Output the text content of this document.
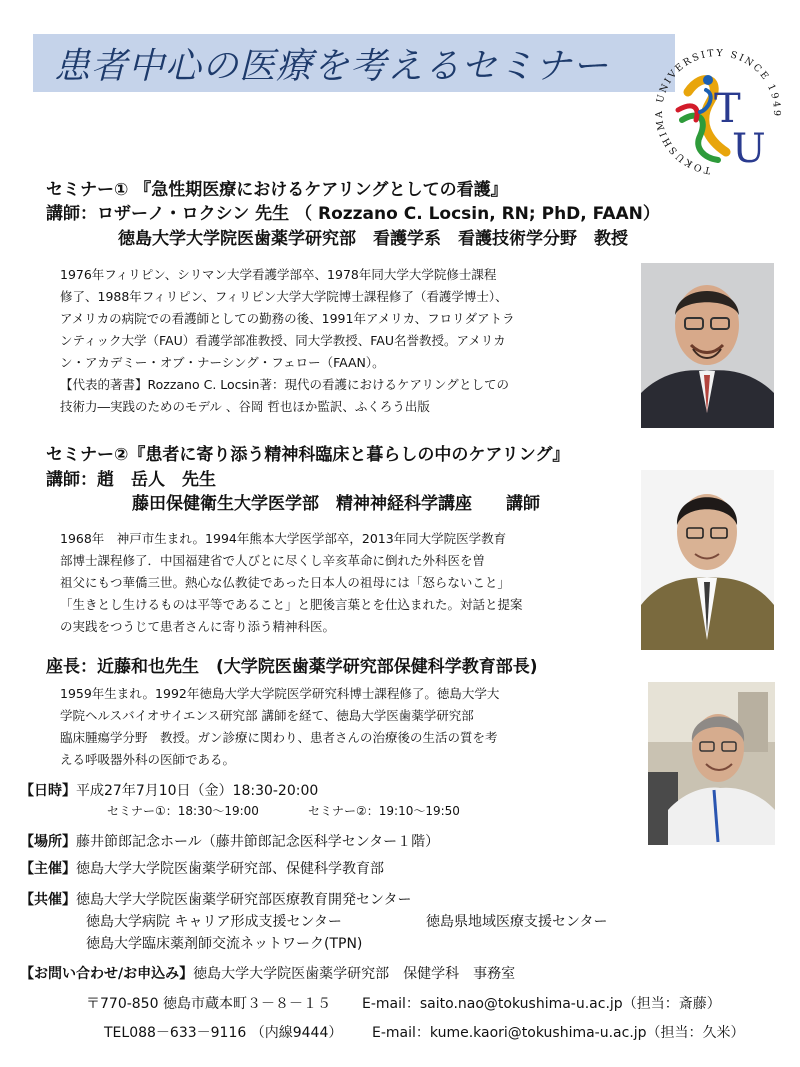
患者中心の医療を考えるセミナー
TOKUSHIMA UNIVERSITY SINCE 1949
T
U
セミナー① 『急性期医療におけるケアリングとしての看護』
講師：ロザーノ・ロクシン 先生 （ Rozzano C. Locsin, RN; PhD, FAAN）
徳島大学大学院医歯薬学研究部　看護学系　看護技術学分野　教授

1976年フィリピン、シリマン大学看護学部卒、1978年同大学大学院修士課程

修了、1988年フィリピン、フィリピン大学大学院博士課程修了（看護学博士）、

アメリカの病院での看護師としての勤務の後、1991年アメリカ、フロリダアトラ

ンティック大学（FAU）看護学部准教授、同大学教授、FAU名誉教授。アメリカ

ン・アカデミー・オブ・ナーシング・フェロー（FAAN）。

【代表的著書】Rozzano C. Locsin著：現代の看護におけるケアリングとしての

技術力―実践のためのモデル 、谷岡 哲也ほか監訳、ふくろう出版

セミナー②『患者に寄り添う精神科臨床と暮らしの中のケアリング』
講師：趙　岳人　先生
藤田保健衛生大学医学部　精神神経科学講座　　講師

1968年　神戸市生まれ。1994年熊本大学医学部卒，2013年同大学院医学教育

部博士課程修了．中国福建省で人びとに尽くし辛亥革命に倒れた外科医を曽

祖父にもつ華僑三世。熱心な仏教徒であった日本人の祖母には「怒らないこと」

「生きとし生けるものは平等であること」と肥後言葉とを仕込まれた。対話と提案

の実践をつうじて患者さんに寄り添う精神科医。

座長：近藤和也先生　(大学院医歯薬学研究部保健科学教育部長)

1959年生まれ。1992年徳島大学大学院医学研究科博士課程修了。徳島大学大

学院ヘルスバイオサイエンス研究部 講師を経て、徳島大学医歯薬学研究部

臨床腫瘍学分野　教授。ガン診療に関わり、患者さんの治療後の生活の質を考

える呼吸器外科の医師である。

【日時】平成27年7月10日（金）18:30-20:00
セミナー①：18:30～19:00	セミナー②：19:10～19:50
【場所】藤井節郎記念ホール（藤井節郎記念医科学センター１階）
【主催】徳島大学大学院医歯薬学研究部、保健科学教育部
【共催】徳島大学大学院医歯薬学研究部医療教育開発センター
徳島大学病院 キャリア形成支援センター	徳島県地域医療支援センター
徳島大学臨床薬剤師交流ネットワーク(TPN)
【お問い合わせ/お申込み】徳島大学大学院医歯薬学研究部　保健学科　事務室
〒770-850 徳島市蔵本町３－８－１５ E-mail：saito.nao@tokushima-u.ac.jp（担当：斎藤）
TEL088－633－9116 （内線9444） E-mail：kume.kaori@tokushima-u.ac.jp（担当：久米）
